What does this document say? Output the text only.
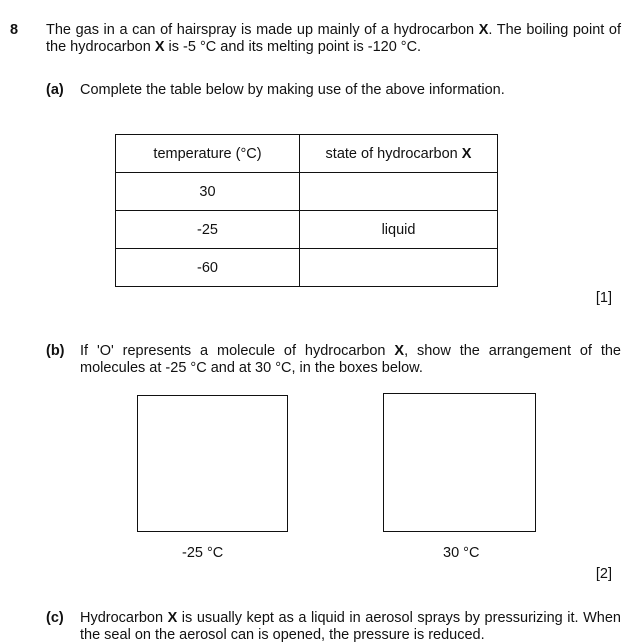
8 The gas in a can of hairspray is made up mainly of a hydrocarbon X. The boiling point of the hydrocarbon X is -5 °C and its melting point is -120 °C.
(a) Complete the table below by making use of the above information.
temperature (°C)	state of hydrocarbon X
30	
-25	liquid
-60	
[1]
(b) If 'O' represents a molecule of hydrocarbon X, show the arrangement of the molecules at -25 °C and at 30 °C, in the boxes below.
-25 °C	30 °C
[2]
(c) Hydrocarbon X is usually kept as a liquid in aerosol sprays by pressurizing it. When the seal on the aerosol can is opened, the pressure is reduced.
